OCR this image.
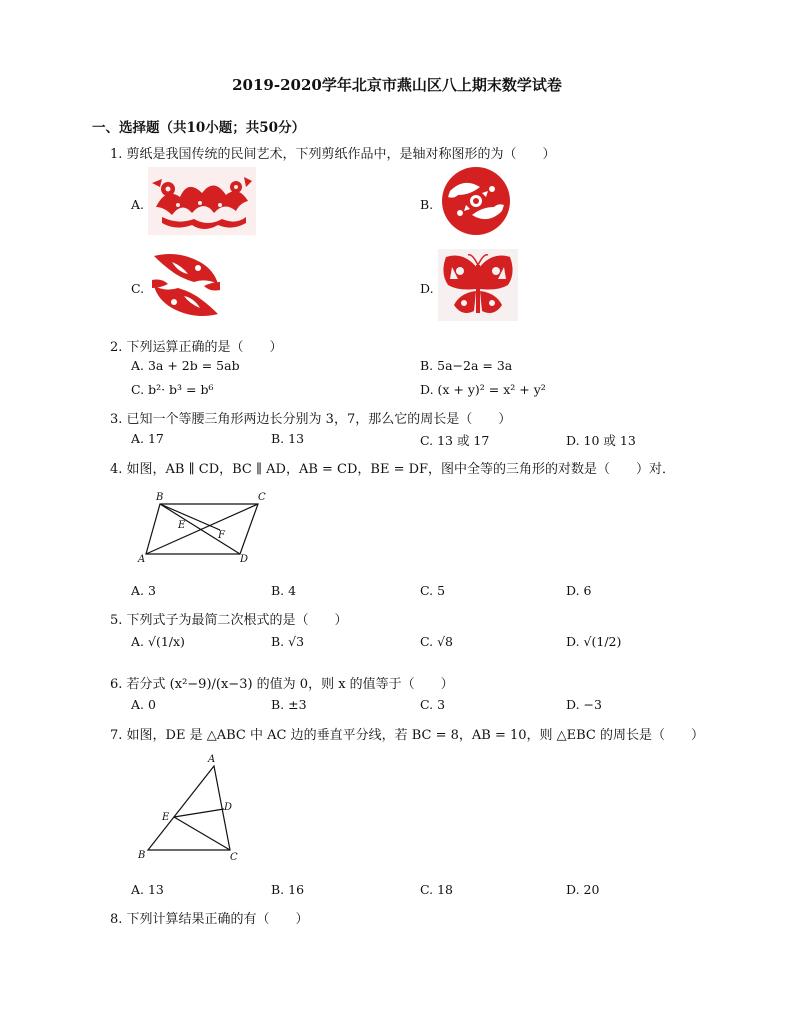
2019-2020学年北京市燕山区八上期末数学试卷
一、选择题（共10小题；共50分）
1. 剪纸是我国传统的民间艺术，下列剪纸作品中，是轴对称图形的为（　　）
A.	B.
C.	D.
2. 下列运算正确的是（　　）
A. 3a + 2b = 5ab	B. 5a−2a = 3a
C. b²· b³ = b⁶	D. (x + y)² = x² + y²
3. 已知一个等腰三角形两边长分别为 3，7，那么它的周长是（　　）
A. 17	B. 13	C. 13 或 17	D. 10 或 13
4. 如图，AB ∥ CD，BC ∥ AD，AB = CD，BE = DF，图中全等的三角形的对数是（　　）对．
B	C
E
F
A	D
A. 3	B. 4	C. 5	D. 6
5. 下列式子为最简二次根式的是（　　）
A. √(1/x)	B. √3	C. √8	D. √(1/2)
6. 若分式 (x²−9)/(x−3) 的值为 0，则 x 的值等于（　　）
A. 0	B. ±3	C. 3	D. −3
7. 如图，DE 是 △ABC 中 AC 边的垂直平分线，若 BC = 8，AB = 10，则 △EBC 的周长是（　　）
A
D
E
B	C
A. 13	B. 16	C. 18	D. 20
8. 下列计算结果正确的有（　　）
